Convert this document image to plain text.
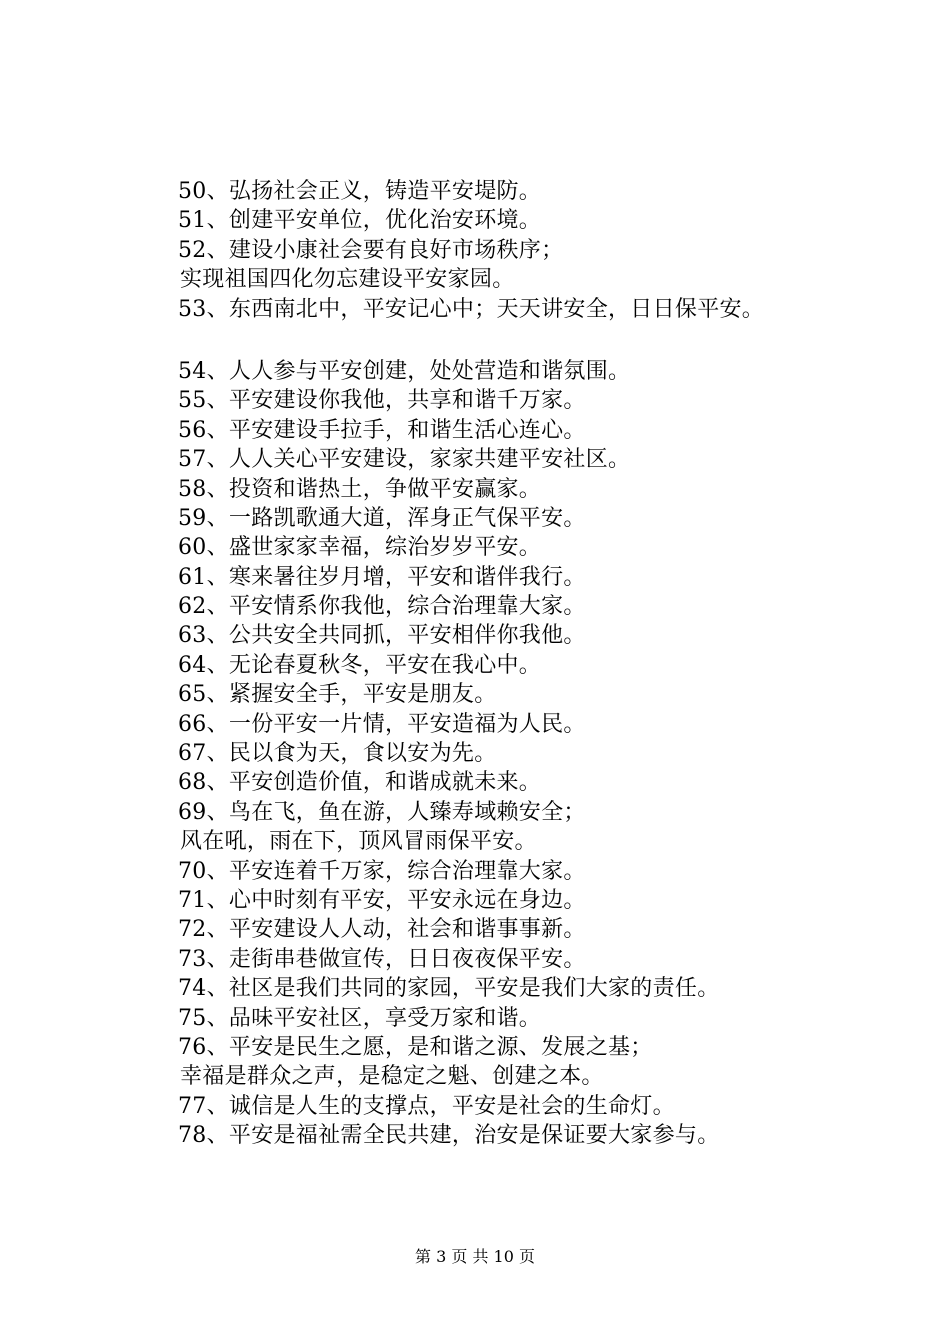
50、弘扬社会正义，铸造平安堤防。
51、创建平安单位，优化治安环境。
52、建设小康社会要有良好市场秩序；
实现祖国四化勿忘建设平安家园。
53、东西南北中，平安记心中；天天讲安全，日日保平安。
54、人人参与平安创建，处处营造和谐氛围。
55、平安建设你我他，共享和谐千万家。
56、平安建设手拉手，和谐生活心连心。
57、人人关心平安建设，家家共建平安社区。
58、投资和谐热土，争做平安赢家。
59、一路凯歌通大道，浑身正气保平安。
60、盛世家家幸福，综治岁岁平安。
61、寒来暑往岁月增，平安和谐伴我行。
62、平安情系你我他，综合治理靠大家。
63、公共安全共同抓，平安相伴你我他。
64、无论春夏秋冬，平安在我心中。
65、紧握安全手，平安是朋友。
66、一份平安一片情，平安造福为人民。
67、民以食为天，食以安为先。
68、平安创造价值，和谐成就未来。
69、鸟在飞，鱼在游，人臻寿域赖安全；
风在吼，雨在下，顶风冒雨保平安。
70、平安连着千万家，综合治理靠大家。
71、心中时刻有平安，平安永远在身边。
72、平安建设人人动，社会和谐事事新。
73、走街串巷做宣传，日日夜夜保平安。
74、社区是我们共同的家园，平安是我们大家的责任。
75、品味平安社区，享受万家和谐。
76、平安是民生之愿，是和谐之源、发展之基；
幸福是群众之声，是稳定之魁、创建之本。
77、诚信是人生的支撑点，平安是社会的生命灯。
78、平安是福祉需全民共建，治安是保证要大家参与。
第 3 页 共 10 页
